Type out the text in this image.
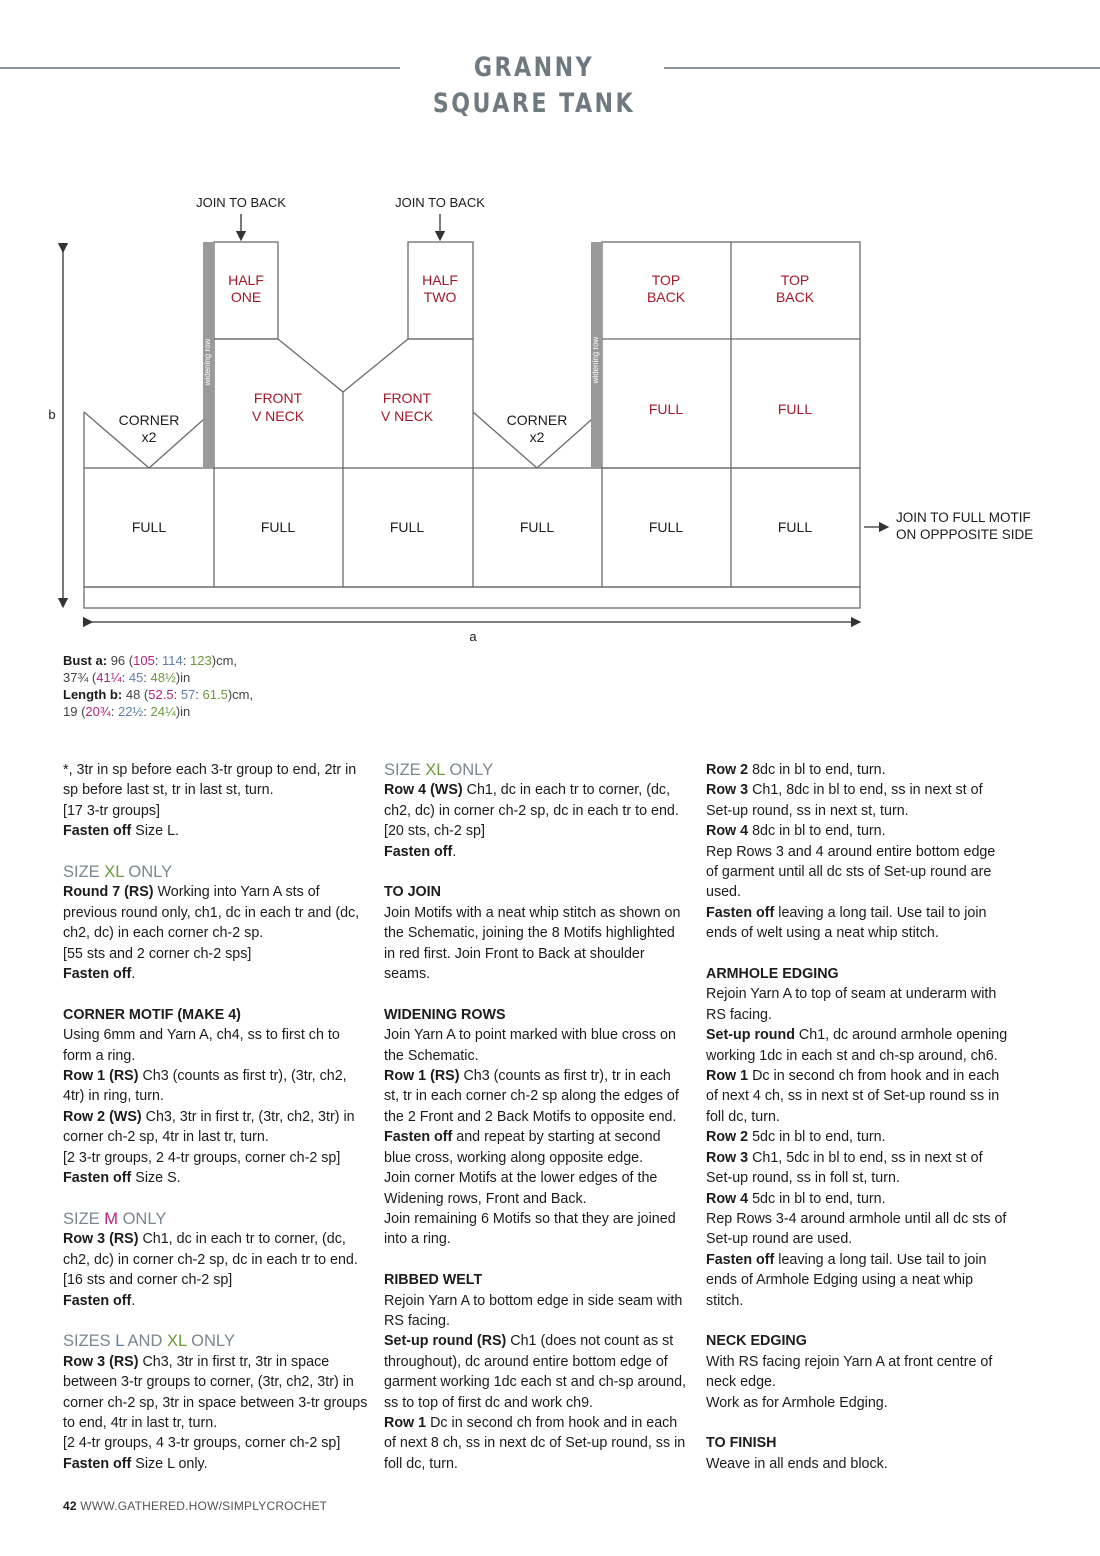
GRANNY SQUARE TANK
widening row	widening row
JOIN TO BACK	JOIN TO BACK
HALF
ONE
HALF
TWO
TOP
BACK
TOP
BACK
FRONT
V NECK
FRONT
V NECK	FULL	FULL
CORNER
x2
CORNER
x2
FULL	FULL	FULL	FULL	FULL	FULL
JOIN TO FULL MOTIF
ON OPPPOSITE SIDE
b
a
Bust a: 96 (105: 114: 123)cm,
37¾ (41¼: 45: 48½)in
Length b: 48 (52.5: 57: 61.5)cm,
19 (20¾: 22½: 24¼)in

*, 3tr in sp before each 3-tr group to end, 2tr in sp before last st, tr in last st, turn.

[17 3-tr groups]

Fasten off Size L.

SIZE XL ONLY

Round 7 (RS) Working into Yarn A sts of previous round only, ch1, dc in each tr and (dc, ch2, dc) in each corner ch-2 sp.

[55 sts and 2 corner ch-2 sps]

Fasten off.

CORNER MOTIF (MAKE 4)

Using 6mm and Yarn A, ch4, ss to first ch to form a ring.

Row 1 (RS) Ch3 (counts as first tr), (3tr, ch2, 4tr) in ring, turn.

Row 2 (WS) Ch3, 3tr in first tr, (3tr, ch2, 3tr) in corner ch-2 sp, 4tr in last tr, turn.

[2 3-tr groups, 2 4-tr groups, corner ch-2 sp]

Fasten off Size S.

SIZE M ONLY

Row 3 (RS) Ch1, dc in each tr to corner, (dc, ch2, dc) in corner ch-2 sp, dc in each tr to end.

[16 sts and corner ch-2 sp]

Fasten off.

SIZES L AND XL ONLY

Row 3 (RS) Ch3, 3tr in first tr, 3tr in space between 3-tr groups to corner, (3tr, ch2, 3tr) in corner ch-2 sp, 3tr in space between 3-tr groups to end, 4tr in last tr, turn.

[2 4-tr groups, 4 3-tr groups, corner ch-2 sp]

Fasten off Size L only.

SIZE XL ONLY

Row 4 (WS) Ch1, dc in each tr to corner, (dc, ch2, dc) in corner ch-2 sp, dc in each tr to end.

[20 sts, ch-2 sp]

Fasten off.

TO JOIN

Join Motifs with a neat whip stitch as shown on the Schematic, joining the 8 Motifs highlighted in red first. Join Front to Back at shoulder seams.

WIDENING ROWS

Join Yarn A to point marked with blue cross on the Schematic.

Row 1 (RS) Ch3 (counts as first tr), tr in each st, tr in each corner ch-2 sp along the edges of the 2 Front and 2 Back Motifs to opposite end.

Fasten off and repeat by starting at second blue cross, working along opposite edge.

Join corner Motifs at the lower edges of the Widening rows, Front and Back.

Join remaining 6 Motifs so that they are joined into a ring.

RIBBED WELT

Rejoin Yarn A to bottom edge in side seam with RS facing.

Set-up round (RS) Ch1 (does not count as st throughout), dc around entire bottom edge of garment working 1dc each st and ch-sp around, ss to top of first dc and work ch9.

Row 1 Dc in second ch from hook and in each of next 8 ch, ss in next dc of Set-up round, ss in foll dc, turn.

Row 2 8dc in bl to end, turn.

Row 3 Ch1, 8dc in bl to end, ss in next st of Set-up round, ss in next st, turn.

Row 4 8dc in bl to end, turn.

Rep Rows 3 and 4 around entire bottom edge of garment until all dc sts of Set-up round are used.

Fasten off leaving a long tail. Use tail to join ends of welt using a neat whip stitch.

ARMHOLE EDGING

Rejoin Yarn A to top of seam at underarm with RS facing.

Set-up round Ch1, dc around armhole opening working 1dc in each st and ch-sp around, ch6.

Row 1 Dc in second ch from hook and in each of next 4 ch, ss in next st of Set-up round ss in foll dc, turn.

Row 2 5dc in bl to end, turn.

Row 3 Ch1, 5dc in bl to end, ss in next st of Set-up round, ss in foll st, turn.

Row 4 5dc in bl to end, turn.

Rep Rows 3-4 around armhole until all dc sts of Set-up round are used.

Fasten off leaving a long tail. Use tail to join ends of Armhole Edging using a neat whip stitch.

NECK EDGING

With RS facing rejoin Yarn A at front centre of neck edge.

Work as for Armhole Edging.

TO FINISH

Weave in all ends and block.

42 WWW.GATHERED.HOW/SIMPLYCROCHET
